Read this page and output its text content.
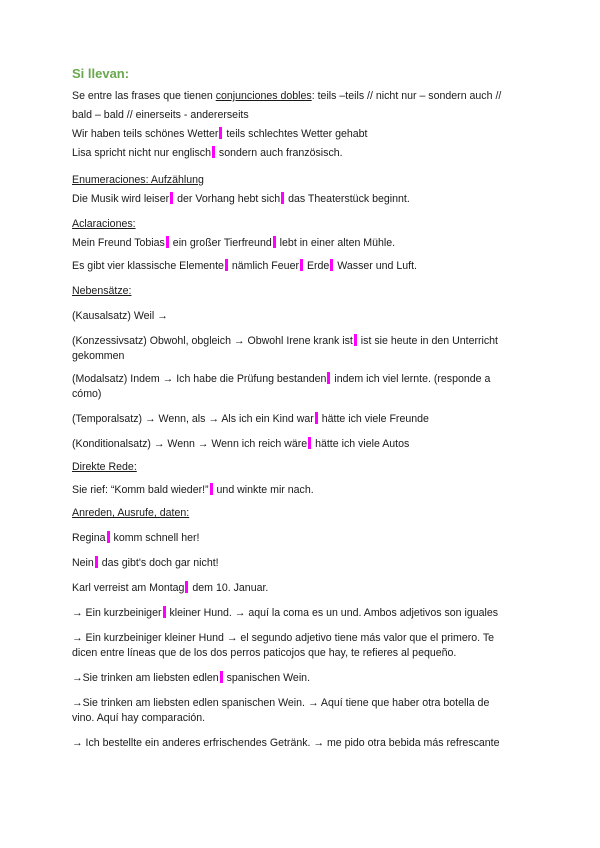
Si llevan:

Se entre las frases que tienen conjunciones dobles: teils –teils // nicht nur – sondern auch //

bald – bald // einerseits - andererseits

Wir haben teils schönes Wetter teils schlechtes Wetter gehabt

Lisa spricht nicht nur englisch sondern auch französisch.

Enumeraciones: Aufzählung

Die Musik wird leiser der Vorhang hebt sich das Theaterstück beginnt.

Aclaraciones:

Mein Freund Tobias ein großer Tierfreund lebt in einer alten Mühle.

Es gibt vier klassische Elemente nämlich Feuer Erde Wasser und Luft.

Nebensätze:

(Kausalsatz) Weil →

(Konzessivsatz) Obwohl, obgleich → Obwohl Irene krank ist ist sie heute in den Unterricht
gekommen

(Modalsatz) Indem → Ich habe die Prüfung bestanden indem ich viel lernte. (responde a
cómo)

(Temporalsatz) → Wenn, als → Als ich ein Kind war hätte ich viele Freunde

(Konditionalsatz) → Wenn → Wenn ich reich wäre hätte ich viele Autos

Direkte Rede:

Sie rief: “Komm bald wieder!” und winkte mir nach.

Anreden, Ausrufe, daten:

Regina komm schnell her!

Nein das gibt's doch gar nicht!

Karl verreist am Montag dem 10. Januar.

→ Ein kurzbeiniger kleiner Hund. → aquí la coma es un und. Ambos adjetivos son iguales

→ Ein kurzbeiniger kleiner Hund → el segundo adjetivo tiene más valor que el primero. Te
dicen entre líneas que de los dos perros paticojos que hay, te refieres al pequeño.

→Sie trinken am liebsten edlen spanischen Wein.

→Sie trinken am liebsten edlen spanischen Wein. → Aquí tiene que haber otra botella de
vino. Aquí hay comparación.

→ Ich bestellte ein anderes erfrischendes Getränk. → me pido otra bebida más refrescante
